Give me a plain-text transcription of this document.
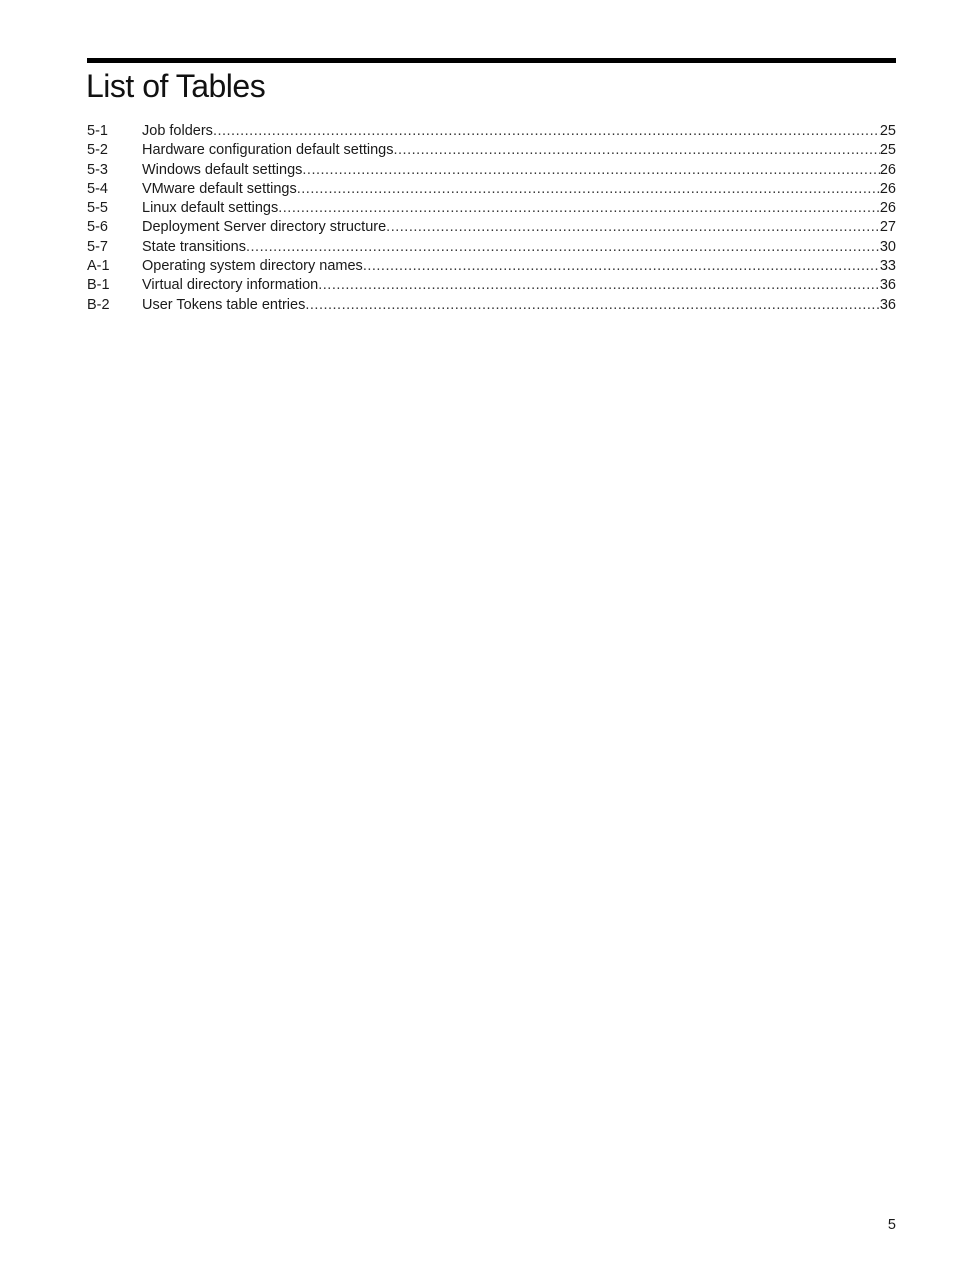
List of Tables
5-1	Job folders .....	25
5-2	Hardware configuration default settings .....	25
5-3	Windows default settings .....	26
5-4	VMware default settings .....	26
5-5	Linux default settings .....	26
5-6	Deployment Server directory structure .....	27
5-7	State transitions .....	30
A-1	Operating system directory names .....	33
B-1	Virtual directory information .....	36
B-2	User Tokens table entries .....	36
5
